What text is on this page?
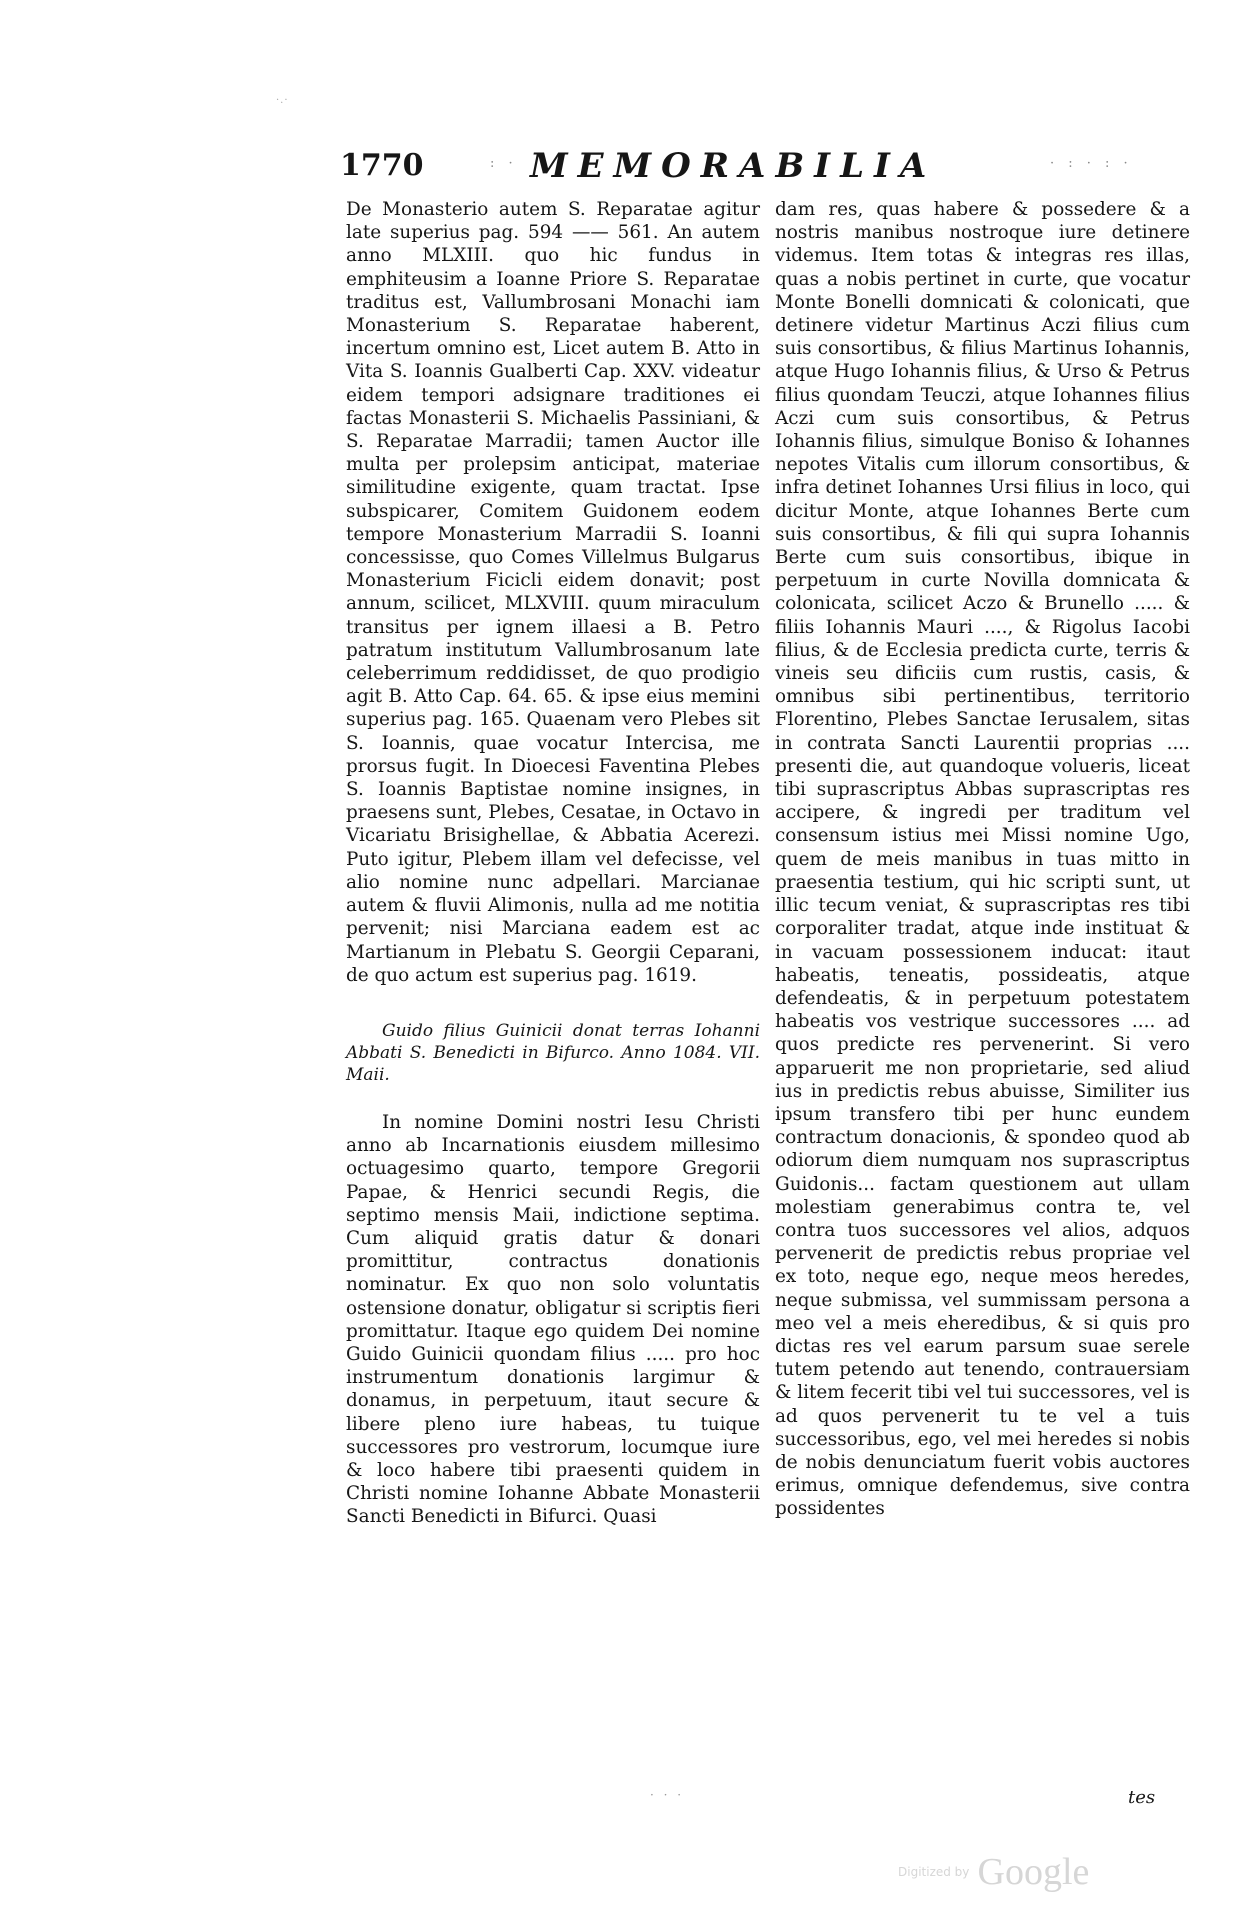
·.·
1770	: ·	· : · : ·
MEMORABILIA

De Monasterio autem S. Reparatae agitur late superius pag. 594 —— 561. An autem anno MLXIII. quo hic fundus in emphiteusim a Ioanne Priore S. Reparatae traditus est, Vallumbrosani Monachi iam Monasterium S. Reparatae haberent, incertum omnino est, Licet autem B. Atto in Vita S. Ioannis Gualberti Cap. XXV. videatur eidem tempori adsignare traditiones ei factas Monasterii S. Michaelis Passiniani, & S. Reparatae Marradii; tamen Auctor ille multa per prolepsim anticipat, materiae similitudine exigente, quam tractat. Ipse subspicarer, Comitem Guidonem eodem tempore Monasterium Marradii S. Ioanni concessisse, quo Comes Villelmus Bulgarus Monasterium Ficicli eidem donavit; post annum, scilicet, MLXVIII. quum miraculum transitus per ignem illaesi a B. Petro patratum institutum Vallumbrosanum late celeberrimum reddidisset, de quo prodigio agit B. Atto Cap. 64. 65. & ipse eius memini superius pag. 165. Quaenam vero Plebes sit S. Ioannis, quae vocatur Intercisa, me prorsus fugit. In Dioecesi Faventina Plebes S. Ioannis Baptistae nomine insignes, in praesens sunt, Plebes, Cesatae, in Octavo in Vicariatu Brisighellae, & Abbatia Acerezi. Puto igitur, Plebem illam vel defecisse, vel alio nomine nunc adpellari. Marcianae autem & fluvii Alimonis, nulla ad me notitia pervenit; nisi Marciana eadem est ac Martianum in Plebatu S. Georgii Ceparani, de quo actum est superius pag. 1619.

Guido filius Guinicii donat terras Iohanni Abbati S. Benedicti in Bifurco. Anno 1084. VII. Maii.

In nomine Domini nostri Iesu Christi anno ab Incarnationis eiusdem millesimo octuagesimo quarto, tempore Gregorii Papae, & Henrici secundi Regis, die septimo mensis Maii, indictione septima. Cum aliquid gratis datur & donari promittitur, contractus donationis nominatur. Ex quo non solo voluntatis ostensione donatur, obligatur si scriptis fieri promittatur. Itaque ego quidem Dei nomine Guido Guinicii quondam filius ..... pro hoc instrumentum donationis largimur & donamus, in perpetuum, itaut secure & libere pleno iure habeas, tu tuique successores pro vestrorum, locumque iure & loco habere tibi praesenti quidem in Christi nomine Iohanne Abbate Monasterii Sancti Benedicti in Bifurci. Quasi

dam res, quas habere & possedere & a nostris manibus nostroque iure detinere videmus. Item totas & integras res illas, quas a nobis pertinet in curte, que vocatur Monte Bonelli domnicati & colonicati, que detinere videtur Martinus Aczi filius cum suis consortibus, & filius Martinus Iohannis, atque Hugo Iohannis filius, & Urso & Petrus filius quondam Teuczi, atque Iohannes filius Aczi cum suis consortibus, & Petrus Iohannis filius, simulque Boniso & Iohannes nepotes Vitalis cum illorum consortibus, & infra detinet Iohannes Ursi filius in loco, qui dicitur Monte, atque Iohannes Berte cum suis consortibus, & fili qui supra Iohannis Berte cum suis consortibus, ibique in perpetuum in curte Novilla domnicata & colonicata, scilicet Aczo & Brunello ..... & filiis Iohannis Mauri ...., & Rigolus Iacobi filius, & de Ecclesia predicta curte, terris & vineis seu dificiis cum rustis, casis, & omnibus sibi pertinentibus, territorio Florentino, Plebes Sanctae Ierusalem, sitas in contrata Sancti Laurentii proprias .... presenti die, aut quandoque volueris, liceat tibi suprascriptus Abbas suprascriptas res accipere, & ingredi per traditum vel consensum istius mei Missi nomine Ugo, quem de meis manibus in tuas mitto in praesentia testium, qui hic scripti sunt, ut illic tecum veniat, & suprascriptas res tibi corporaliter tradat, atque inde instituat & in vacuam possessionem inducat: itaut habeatis, teneatis, possideatis, atque defendeatis, & in perpetuum potestatem habeatis vos vestrique successores .... ad quos predicte res pervenerint. Si vero apparuerit me non proprietarie, sed aliud ius in predictis rebus abuisse, Similiter ius ipsum transfero tibi per hunc eundem contractum donacionis, & spondeo quod ab odiorum diem numquam nos suprascriptus Guidonis... factam questionem aut ullam molestiam generabimus contra te, vel contra tuos successores vel alios, adquos pervenerit de predictis rebus propriae vel ex toto, neque ego, neque meos heredes, neque submissa, vel summissam persona a meo vel a meis eheredibus, & si quis pro dictas res vel earum parsum suae serele tutem petendo aut tenendo, contrauersiam & litem fecerit tibi vel tui successores, vel is ad quos pervenerit tu te vel a tuis successoribus, ego, vel mei heredes si nobis de nobis denunciatum fuerit vobis auctores erimus, omnique defendemus, sive contra possidentes

· · ·	tes
Digitized by Google
